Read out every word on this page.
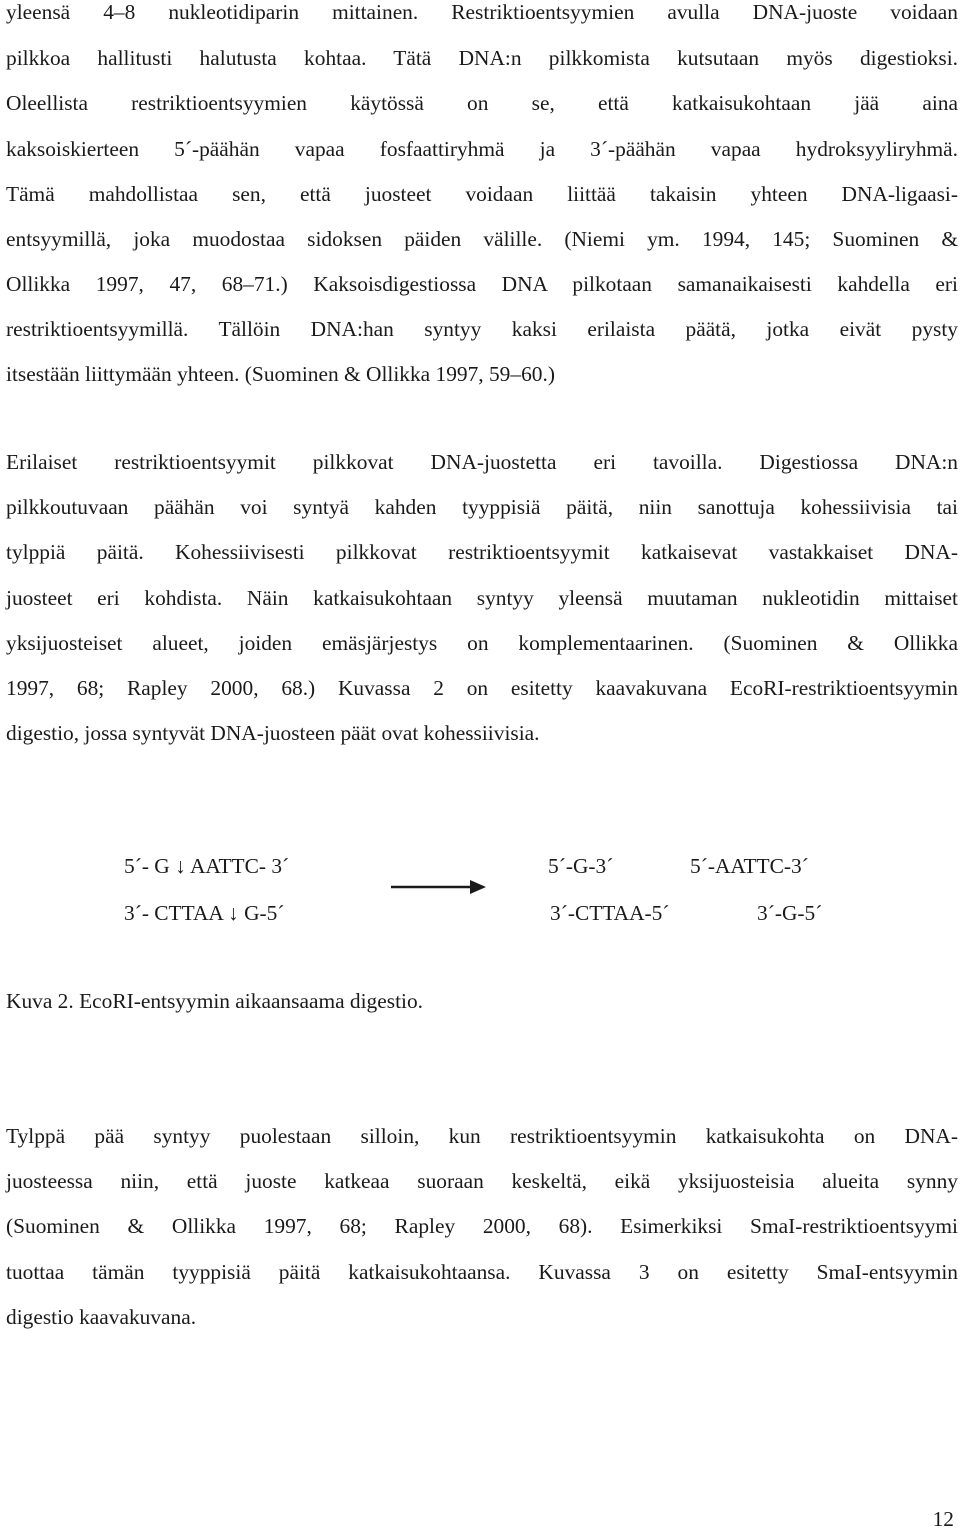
yleensä 4–8 nukleotidiparin mittainen. Restriktioentsyymien avulla DNA-juoste voidaan
pilkkoa hallitusti halutusta kohtaa. Tätä DNA:n pilkkomista kutsutaan myös digestioksi.
Oleellista restriktioentsyymien käytössä on se, että katkaisukohtaan jää aina
kaksoiskierteen 5´-päähän vapaa fosfaattiryhmä ja 3´-päähän vapaa hydroksyyliryhmä.
Tämä mahdollistaa sen, että juosteet voidaan liittää takaisin yhteen DNA-ligaasi-
entsyymillä, joka muodostaa sidoksen päiden välille. (Niemi ym. 1994, 145; Suominen &
Ollikka 1997, 47, 68–71.) Kaksoisdigestiossa DNA pilkotaan samanaikaisesti kahdella eri
restriktioentsyymillä. Tällöin DNA:han syntyy kaksi erilaista päätä, jotka eivät pysty
itsestään liittymään yhteen. (Suominen & Ollikka 1997, 59–60.)
Erilaiset restriktioentsyymit pilkkovat DNA-juostetta eri tavoilla. Digestiossa DNA:n
pilkkoutuvaan päähän voi syntyä kahden tyyppisiä päitä, niin sanottuja kohessiivisia tai
tylppiä päitä. Kohessiivisesti pilkkovat restriktioentsyymit katkaisevat vastakkaiset DNA-
juosteet eri kohdista. Näin katkaisukohtaan syntyy yleensä muutaman nukleotidin mittaiset
yksijuosteiset alueet, joiden emäsjärjestys on komplementaarinen. (Suominen & Ollikka
1997, 68; Rapley 2000, 68.) Kuvassa 2 on esitetty kaavakuvana EcoRI-restriktioentsyymin
digestio, jossa syntyvät DNA-juosteen päät ovat kohessiivisia.
5´- G ↓ AATTC- 3´
3´- CTTAA ↓ G-5´
5´-G-3´	5´-AATTC-3´
3´-CTTAA-5´	3´-G-5´
Kuva 2. EcoRI-entsyymin aikaansaama digestio.
Tylppä pää syntyy puolestaan silloin, kun restriktioentsyymin katkaisukohta on DNA-
juosteessa niin, että juoste katkeaa suoraan keskeltä, eikä yksijuosteisia alueita synny
(Suominen & Ollikka 1997, 68; Rapley 2000, 68). Esimerkiksi SmaI-restriktioentsyymi
tuottaa tämän tyyppisiä päitä katkaisukohtaansa. Kuvassa 3 on esitetty SmaI-entsyymin
digestio kaavakuvana.
12
